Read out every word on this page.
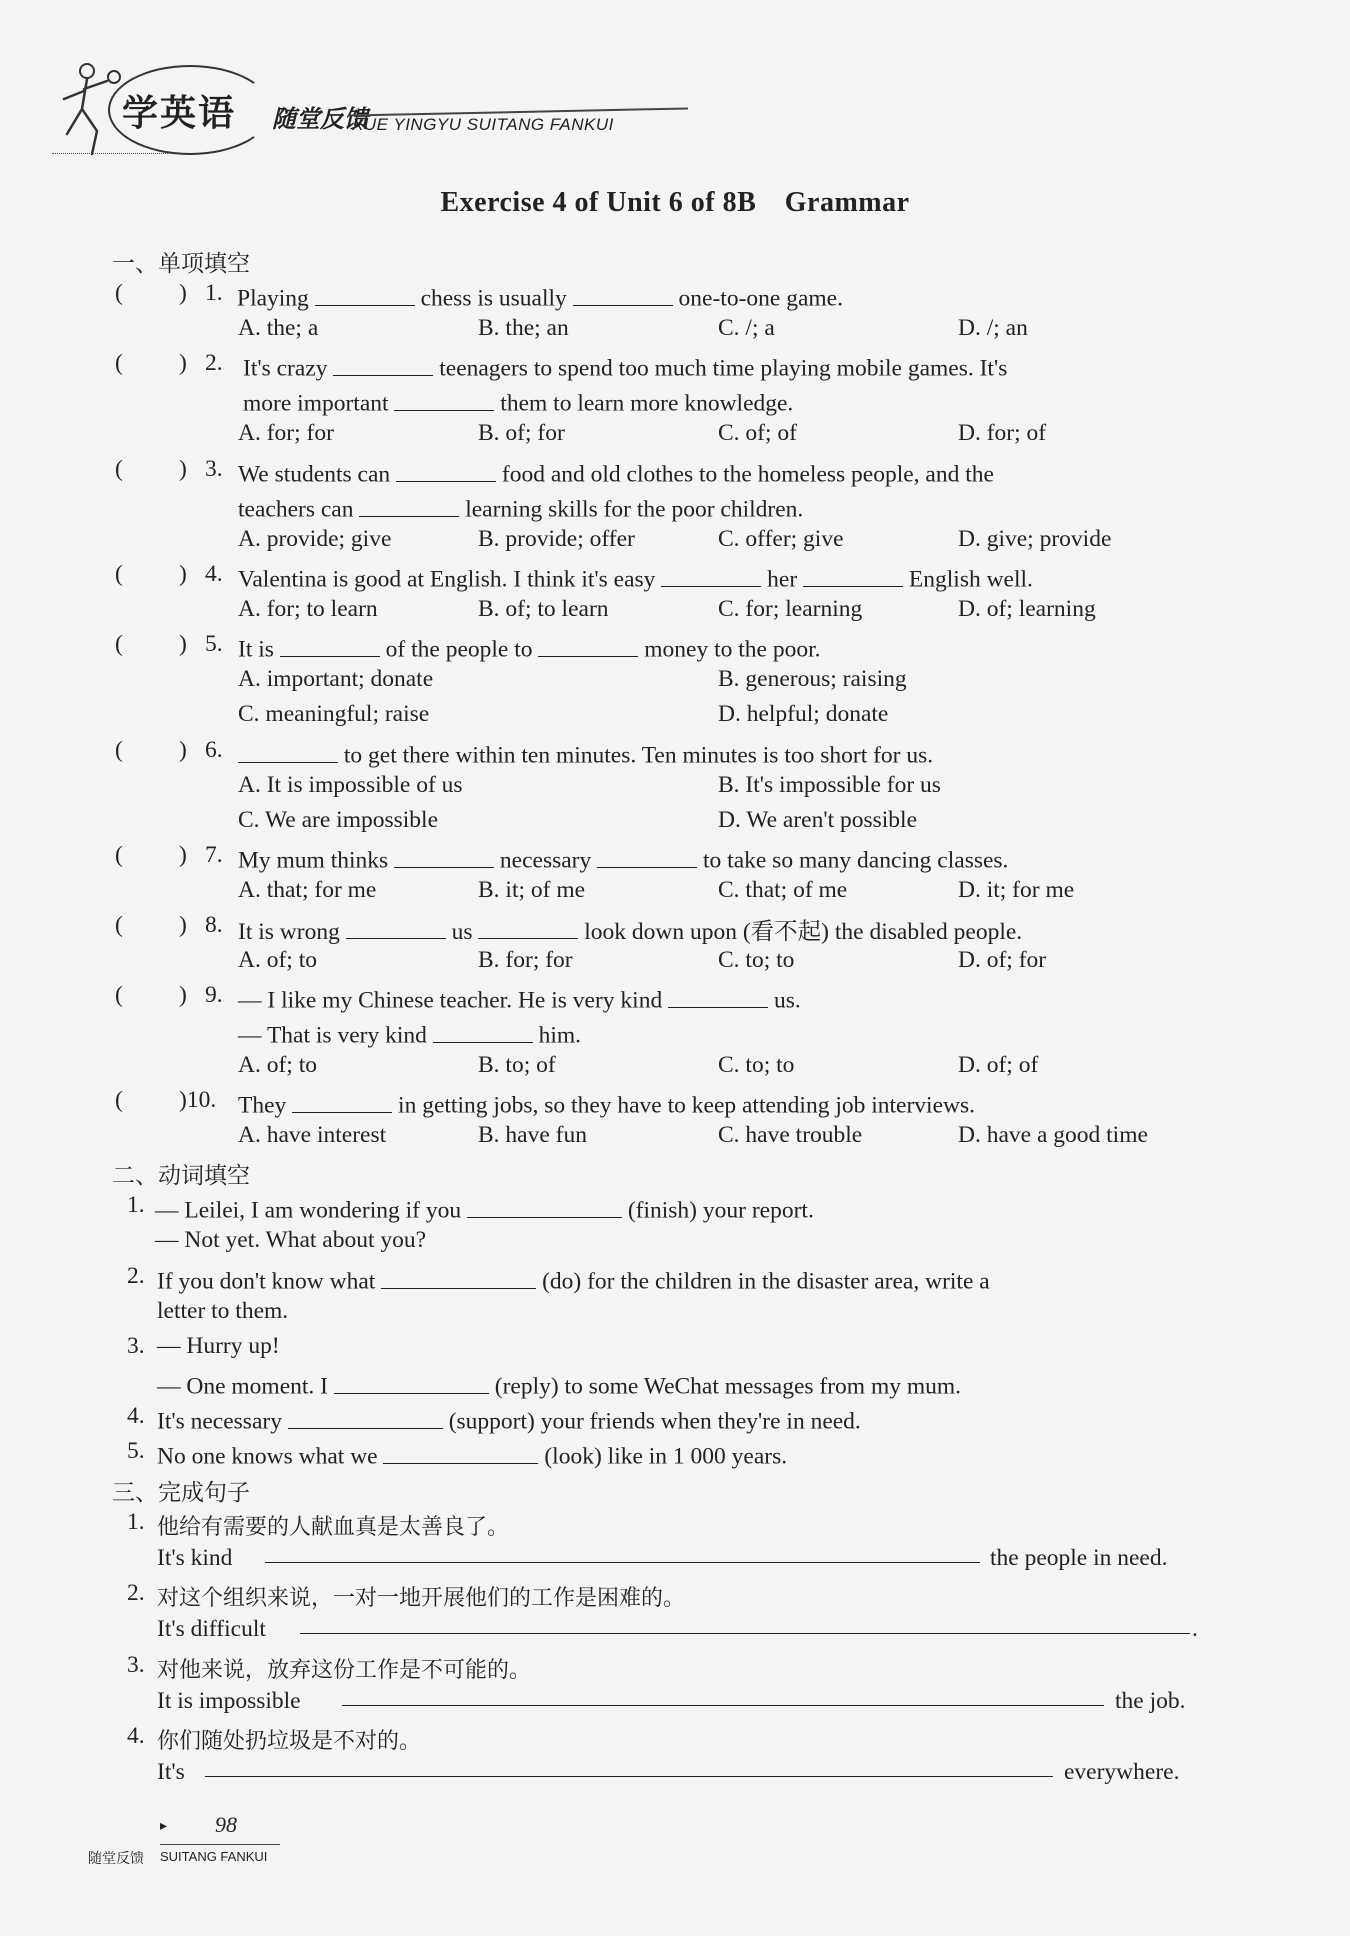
学英语 随堂反馈
XUE YINGYU SUITANG FANKUI
Exercise 4 of Unit 6 of 8B　Grammar
一、单项填空
( ) 1. Playing	chess is usually	one-to-one game.
A. the; a	B. the; an	C. /; a	D. /; an
( ) 2. It's crazy	teenagers to spend too much time playing mobile games. It's
more important	them to learn more knowledge.
A. for; for	B. of; for	C. of; of	D. for; of
( ) 3. We students can	food and old clothes to the homeless people, and the
teachers can	learning skills for the poor children.
A. provide; give	B. provide; offer	C. offer; give	D. give; provide
( ) 4. Valentina is good at English. I think it's easy	her	English well.
A. for; to learn	B. of; to learn	C. for; learning	D. of; learning
( ) 5. It is	of the people to	money to the poor.
A. important; donate	B. generous; raising
C. meaningful; raise	D. helpful; donate
( ) 6.	to get there within ten minutes. Ten minutes is too short for us.
A. It is impossible of us	B. It's impossible for us
C. We are impossible	D. We aren't possible
( ) 7. My mum thinks	necessary	to take so many dancing classes.
A. that; for me	B. it; of me	C. that; of me	D. it; for me
( ) 8. It is wrong	us	look down upon (看不起) the disabled people.
A. of; to	B. for; for	C. to; to	D. of; for
( ) 9. — I like my Chinese teacher. He is very kind	us.
— That is very kind	him.
A. of; to	B. to; of	C. to; to	D. of; of
( )10. They	in getting jobs, so they have to keep attending job interviews.
A. have interest	B. have fun	C. have trouble	D. have a good time
二、动词填空
1. — Leilei, I am wondering if you	(finish) your report.
— Not yet. What about you?
2. If you don't know what	(do) for the children in the disaster area, write a
letter to them.
3. — Hurry up!
— One moment. I	(reply) to some WeChat messages from my mum.
4. It's necessary	(support) your friends when they're in need.
5. No one knows what we	(look) like in 1 000 years.
三、完成句子
1. 他给有需要的人献血真是太善良了。
It's kind	the people in need.
2. 对这个组织来说，一对一地开展他们的工作是困难的。
It's difficult	.
3. 对他来说，放弃这份工作是不可能的。
It is impossible	the job.
4. 你们随处扔垃圾是不对的。
It's	everywhere.
▸ 98
随堂反馈 SUITANG FANKUI
